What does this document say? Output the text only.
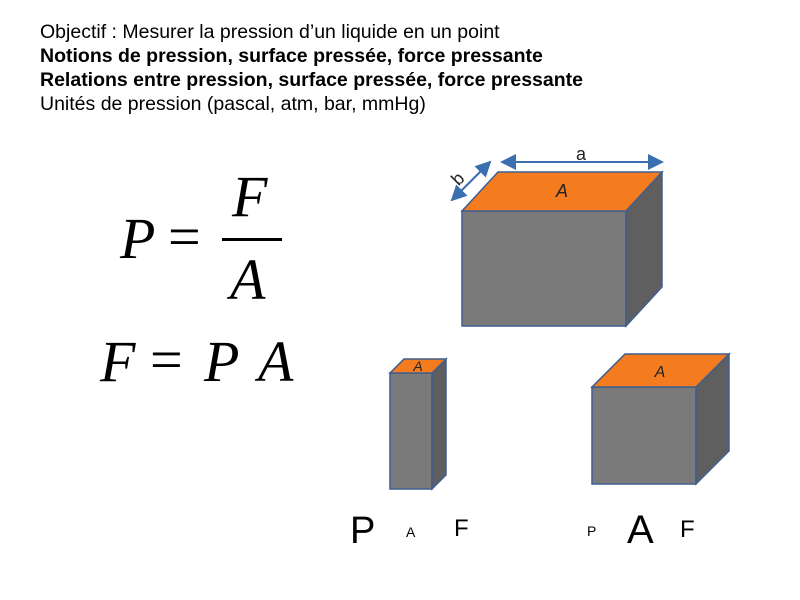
Objectif : Mesurer la pression d’un liquide en un point
Notions de pression, surface pressée, force pressante
Relations entre pression, surface pressée, force pressante
Unités de pression (pascal, atm, bar, mmHg)
P =
F
A
F = P A
A
a
b
A	A
P A F	P A F
